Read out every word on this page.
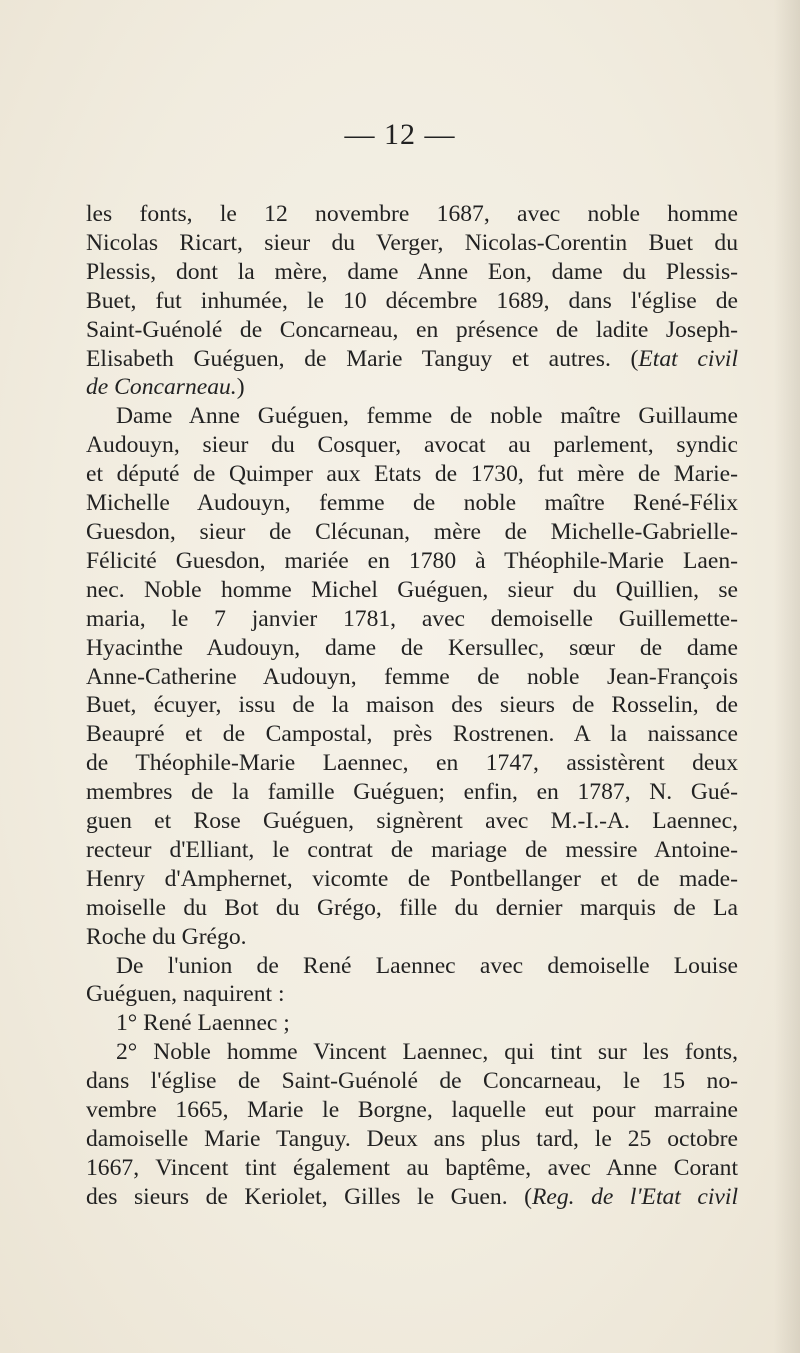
— 12 —
les fonts, le 12 novembre 1687, avec noble homme
Nicolas Ricart, sieur du Verger, Nicolas-Corentin Buet du
Plessis, dont la mère, dame Anne Eon, dame du Plessis-
Buet, fut inhumée, le 10 décembre 1689, dans l'église de
Saint-Guénolé de Concarneau, en présence de ladite Joseph-
Elisabeth Guéguen, de Marie Tanguy et autres. (Etat civil
de Concarneau.)
Dame Anne Guéguen, femme de noble maître Guillaume
Audouyn, sieur du Cosquer, avocat au parlement, syndic
et député de Quimper aux Etats de 1730, fut mère de Marie-
Michelle Audouyn, femme de noble maître René-Félix
Guesdon, sieur de Clécunan, mère de Michelle-Gabrielle-
Félicité Guesdon, mariée en 1780 à Théophile-Marie Laen-
nec. Noble homme Michel Guéguen, sieur du Quillien, se
maria, le 7 janvier 1781, avec demoiselle Guillemette-
Hyacinthe Audouyn, dame de Kersullec, sœur de dame
Anne-Catherine Audouyn, femme de noble Jean-François
Buet, écuyer, issu de la maison des sieurs de Rosselin, de
Beaupré et de Campostal, près Rostrenen. A la naissance
de Théophile-Marie Laennec, en 1747, assistèrent deux
membres de la famille Guéguen; enfin, en 1787, N. Gué-
guen et Rose Guéguen, signèrent avec M.-I.-A. Laennec,
recteur d'Elliant, le contrat de mariage de messire Antoine-
Henry d'Amphernet, vicomte de Pontbellanger et de made-
moiselle du Bot du Grégo, fille du dernier marquis de La
Roche du Grégo.
De l'union de René Laennec avec demoiselle Louise
Guéguen, naquirent :
1° René Laennec ;
2° Noble homme Vincent Laennec, qui tint sur les fonts,
dans l'église de Saint-Guénolé de Concarneau, le 15 no-
vembre 1665, Marie le Borgne, laquelle eut pour marraine
damoiselle Marie Tanguy. Deux ans plus tard, le 25 octobre
1667, Vincent tint également au baptême, avec Anne Corant
des sieurs de Keriolet, Gilles le Guen. (Reg. de l'Etat civil
